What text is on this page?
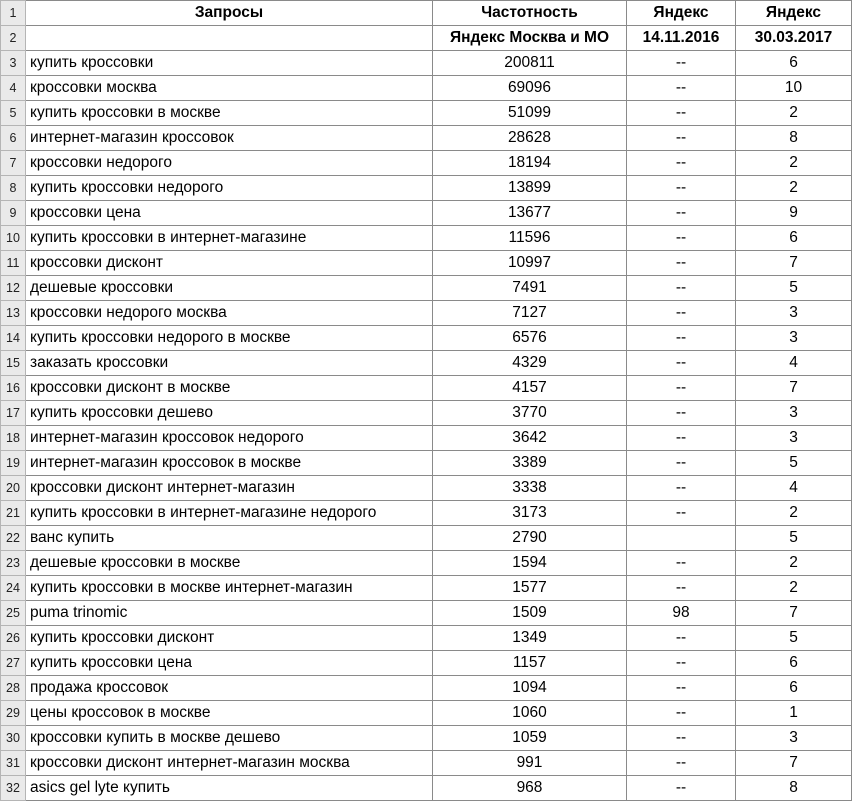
1	Запросы	Частотность	Яндекс	Яндекс
2		Яндекс Москва и МО	14.11.2016	30.03.2017
3	купить кроссовки	200811	--	6
4	кроссовки москва	69096	--	10
5	купить кроссовки в москве	51099	--	2
6	интернет-магазин кроссовок	28628	--	8
7	кроссовки недорого	18194	--	2
8	купить кроссовки недорого	13899	--	2
9	кроссовки цена	13677	--	9
10	купить кроссовки в интернет-магазине	11596	--	6
11	кроссовки дисконт	10997	--	7
12	дешевые кроссовки	7491	--	5
13	кроссовки недорого москва	7127	--	3
14	купить кроссовки недорого в москве	6576	--	3
15	заказать кроссовки	4329	--	4
16	кроссовки дисконт в москве	4157	--	7
17	купить кроссовки дешево	3770	--	3
18	интернет-магазин кроссовок недорого	3642	--	3
19	интернет-магазин кроссовок в москве	3389	--	5
20	кроссовки дисконт интернет-магазин	3338	--	4
21	купить кроссовки в интернет-магазине недорого	3173	--	2
22	ванс купить	2790		5
23	дешевые кроссовки в москве	1594	--	2
24	купить кроссовки в москве интернет-магазин	1577	--	2
25	puma trinomic	1509	98	7
26	купить кроссовки дисконт	1349	--	5
27	купить кроссовки цена	1157	--	6
28	продажа кроссовок	1094	--	6
29	цены кроссовок в москве	1060	--	1
30	кроссовки купить в москве дешево	1059	--	3
31	кроссовки дисконт интернет-магазин москва	991	--	7
32	asics gel lyte купить	968	--	8
